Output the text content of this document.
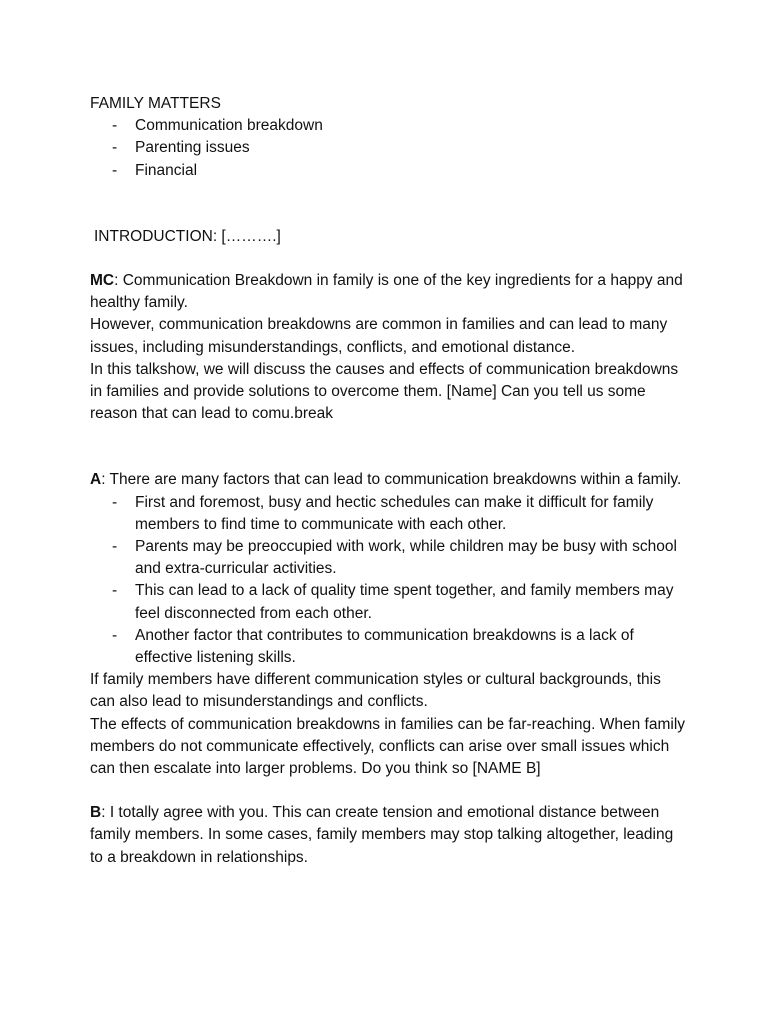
FAMILY MATTERS

- Communication breakdown
- Parenting issues
- Financial

INTRODUCTION: [……….]

MC: Communication Breakdown in family is one of the key ingredients for a happy and healthy family.

However, communication breakdowns are common in families and can lead to many issues, including misunderstandings, conflicts, and emotional distance.

In this talkshow, we will discuss the causes and effects of communication breakdowns in families and provide solutions to overcome them. [Name] Can you tell us some reason that can lead to comu.break

A: There are many factors that can lead to communication breakdowns within a family.

- First and foremost, busy and hectic schedules can make it difficult for family members to find time to communicate with each other.
- Parents may be preoccupied with work, while children may be busy with school and extra-curricular activities.
- This can lead to a lack of quality time spent together, and family members may feel disconnected from each other.
- Another factor that contributes to communication breakdowns is a lack of effective listening skills.

If family members have different communication styles or cultural backgrounds, this can also lead to misunderstandings and conflicts.

The effects of communication breakdowns in families can be far-reaching. When family members do not communicate effectively, conflicts can arise over small issues which can then escalate into larger problems. Do you think so [NAME B]

B: I totally agree with you. This can create tension and emotional distance between family members. In some cases, family members may stop talking altogether, leading to a breakdown in relationships.
